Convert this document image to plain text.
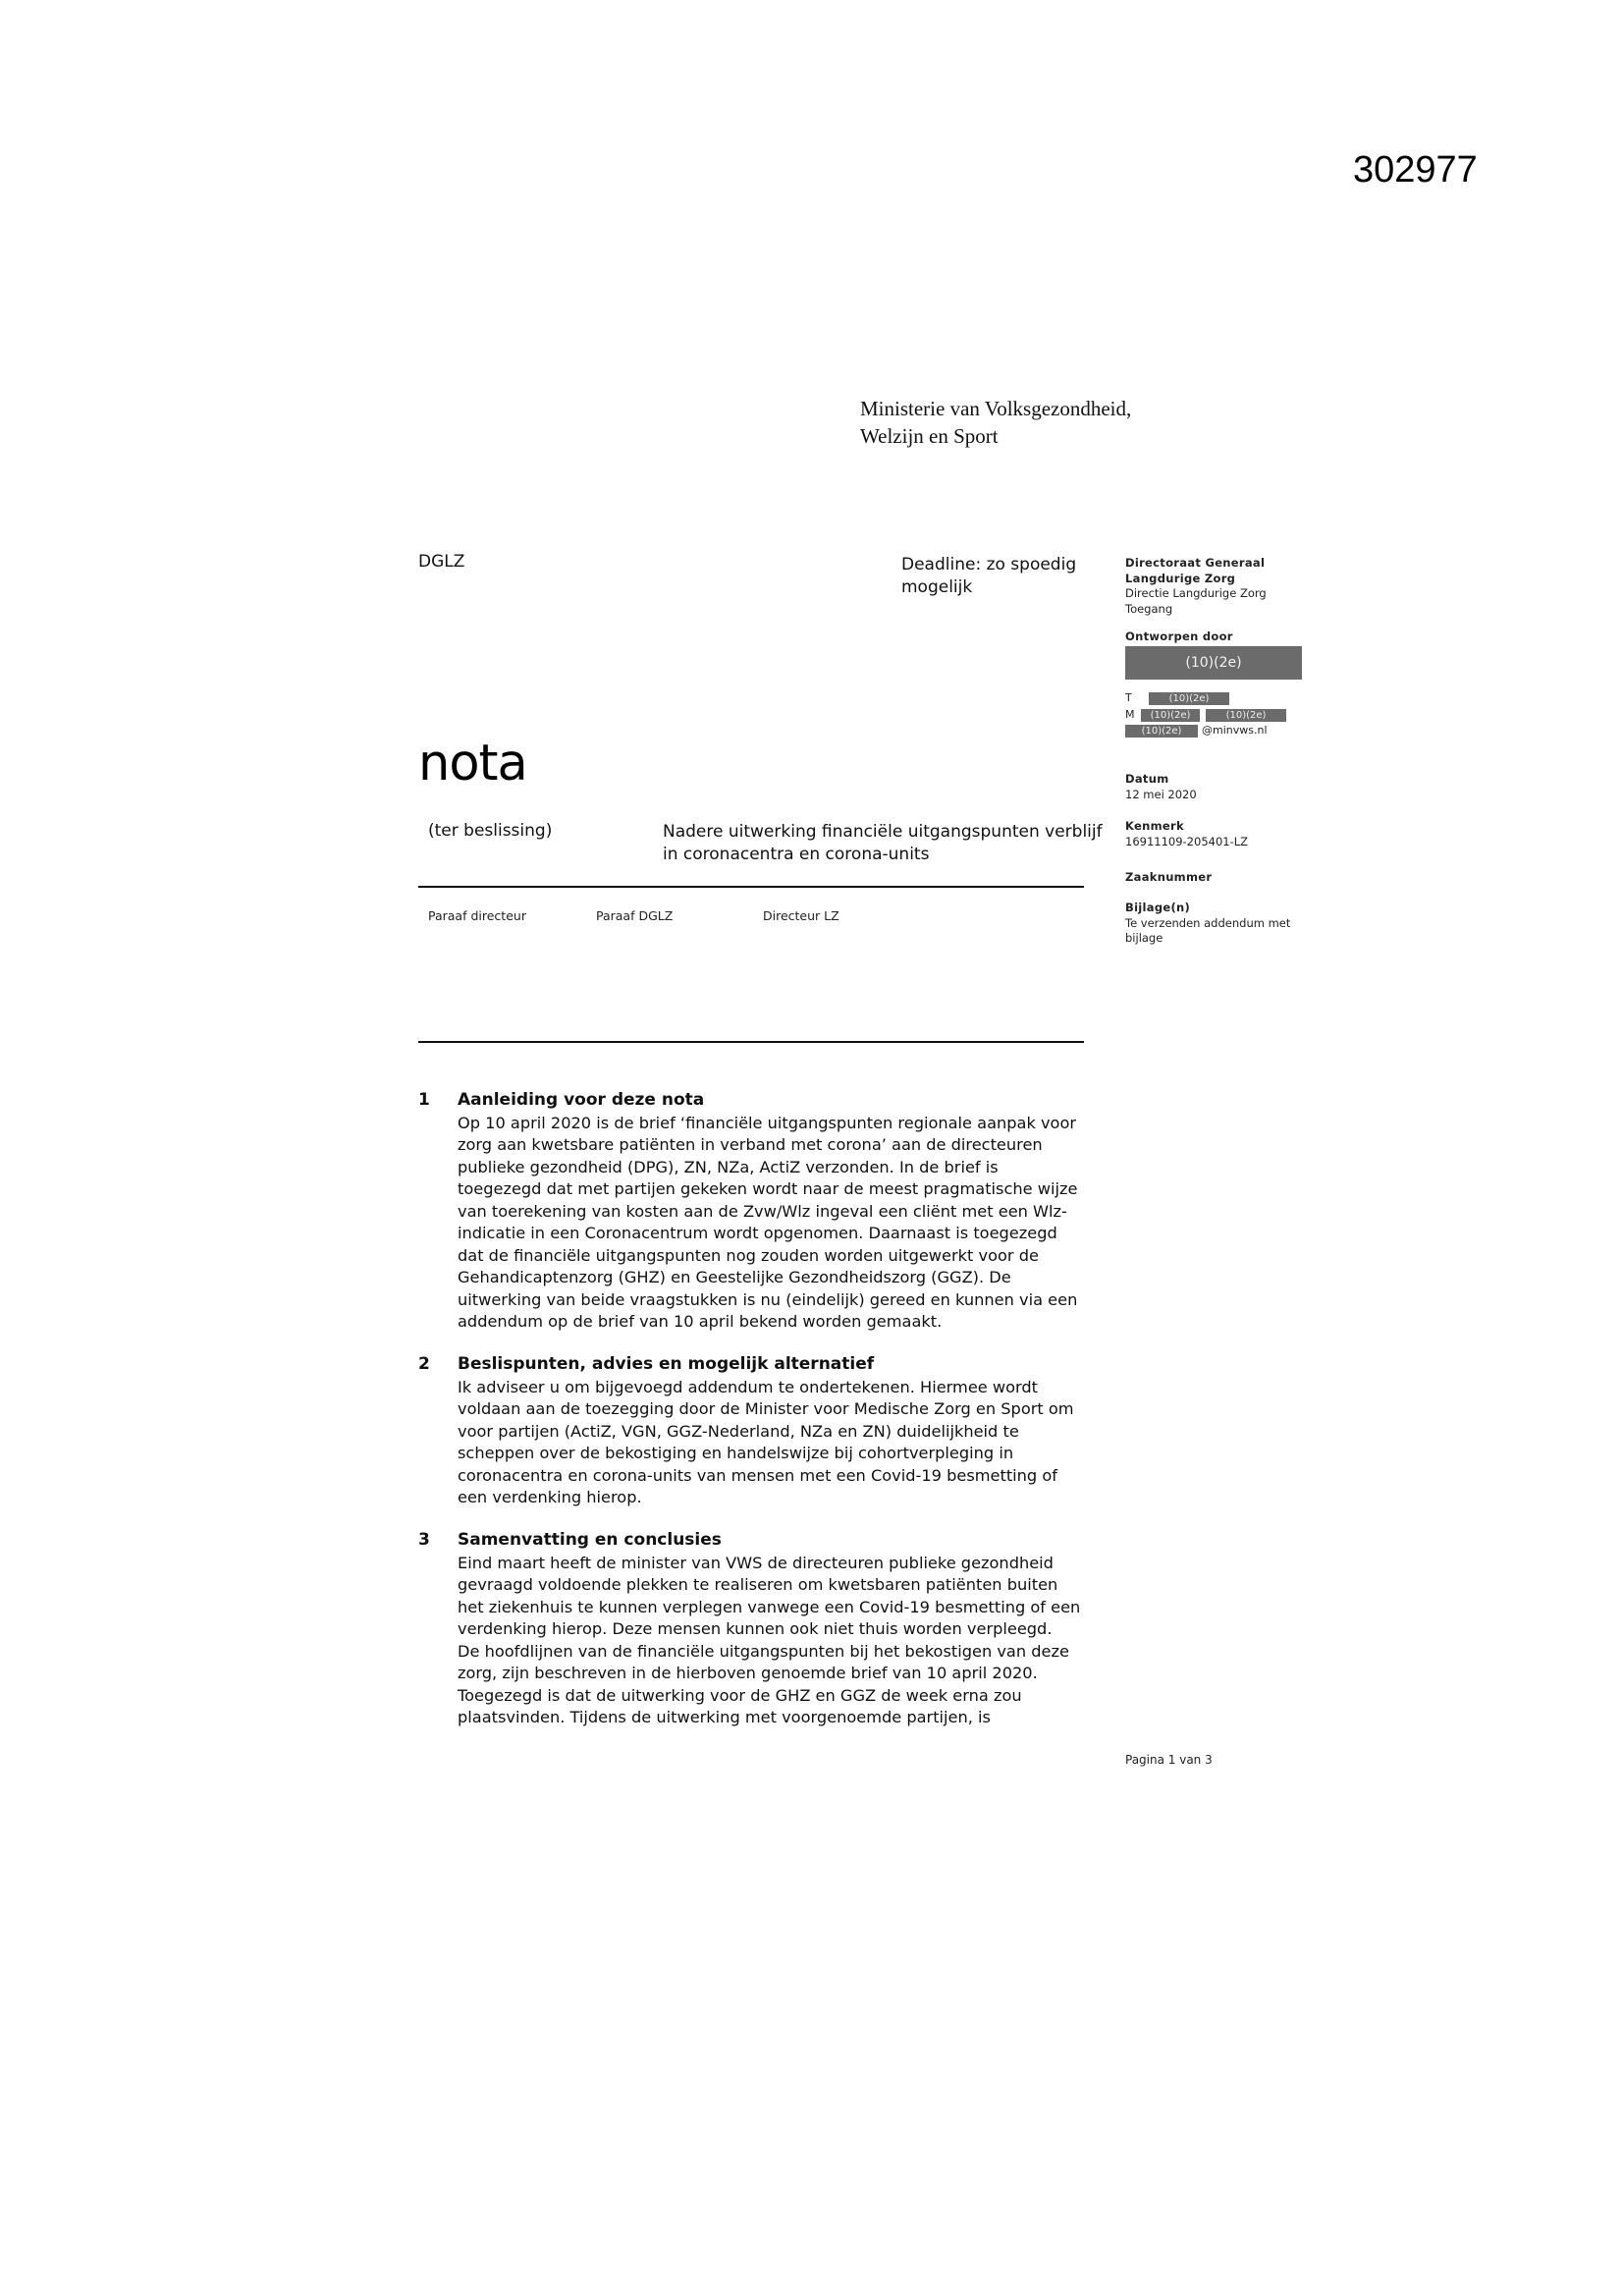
302977
Ministerie van Volksgezondheid,
Welzijn en Sport
DGLZ	Deadline: zo spoedig
mogelijk
nota
(ter beslissing)	Nadere uitwerking financiële uitgangspunten verblijf
in coronacentra en corona-units
Paraaf directeur	Paraaf DGLZ	Directeur LZ
1 Aanleiding voor deze nota
Op 10 april 2020 is de brief ‘financiële uitgangspunten regionale aanpak voor
zorg aan kwetsbare patiënten in verband met corona’ aan de directeuren
publieke gezondheid (DPG), ZN, NZa, ActiZ verzonden. In de brief is
toegezegd dat met partijen gekeken wordt naar de meest pragmatische wijze
van toerekening van kosten aan de Zvw/Wlz ingeval een cliënt met een Wlz-
indicatie in een Coronacentrum wordt opgenomen. Daarnaast is toegezegd
dat de financiële uitgangspunten nog zouden worden uitgewerkt voor de
Gehandicaptenzorg (GHZ) en Geestelijke Gezondheidszorg (GGZ). De
uitwerking van beide vraagstukken is nu (eindelijk) gereed en kunnen via een
addendum op de brief van 10 april bekend worden gemaakt.
2 Beslispunten, advies en mogelijk alternatief
Ik adviseer u om bijgevoegd addendum te ondertekenen. Hiermee wordt
voldaan aan de toezegging door de Minister voor Medische Zorg en Sport om
voor partijen (ActiZ, VGN, GGZ-Nederland, NZa en ZN) duidelijkheid te
scheppen over de bekostiging en handelswijze bij cohortverpleging in
coronacentra en corona-units van mensen met een Covid-19 besmetting of
een verdenking hierop.
3 Samenvatting en conclusies
Eind maart heeft de minister van VWS de directeuren publieke gezondheid
gevraagd voldoende plekken te realiseren om kwetsbaren patiënten buiten
het ziekenhuis te kunnen verplegen vanwege een Covid-19 besmetting of een
verdenking hierop. Deze mensen kunnen ook niet thuis worden verpleegd.
De hoofdlijnen van de financiële uitgangspunten bij het bekostigen van deze
zorg, zijn beschreven in de hierboven genoemde brief van 10 april 2020.
Toegezegd is dat de uitwerking voor de GHZ en GGZ de week erna zou
plaatsvinden. Tijdens de uitwerking met voorgenoemde partijen, is
Directoraat Generaal
Langdurige Zorg
Directie Langdurige Zorg
Toegang
Ontworpen door
(10)(2e)
T	(10)(2e)
M	(10)(2e)	(10)(2e)
(10)(2e)	@minvws.nl
Datum
12 mei 2020
Kenmerk
16911109-205401-LZ
Zaaknummer
Bijlage(n)
Te verzenden addendum met
bijlage
Pagina 1 van 3
